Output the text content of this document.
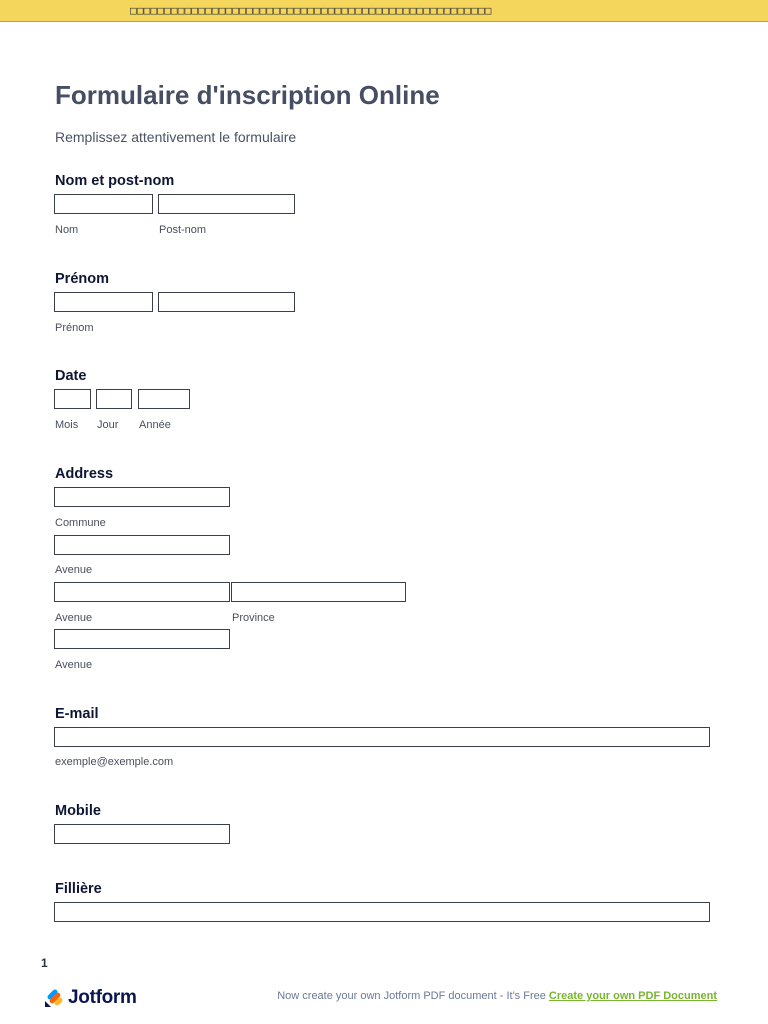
□□□□□□□□□□□□□□□□□□□□□□□□□□□□□□□□□□□□□□□□□□□□□□□□□□□□□
Formulaire d'inscription Online
Remplissez attentivement le formulaire
Nom et post-nom
Nom	Post-nom
Prénom
Prénom
Date
Mois Jour Année
Address
Commune
Avenue
Avenue	Province
Avenue
E-mail
exemple@exemple.com
Mobile
Fillière
1
Jotform	Now create your own Jotform PDF document - It's Free Create your own PDF Document
